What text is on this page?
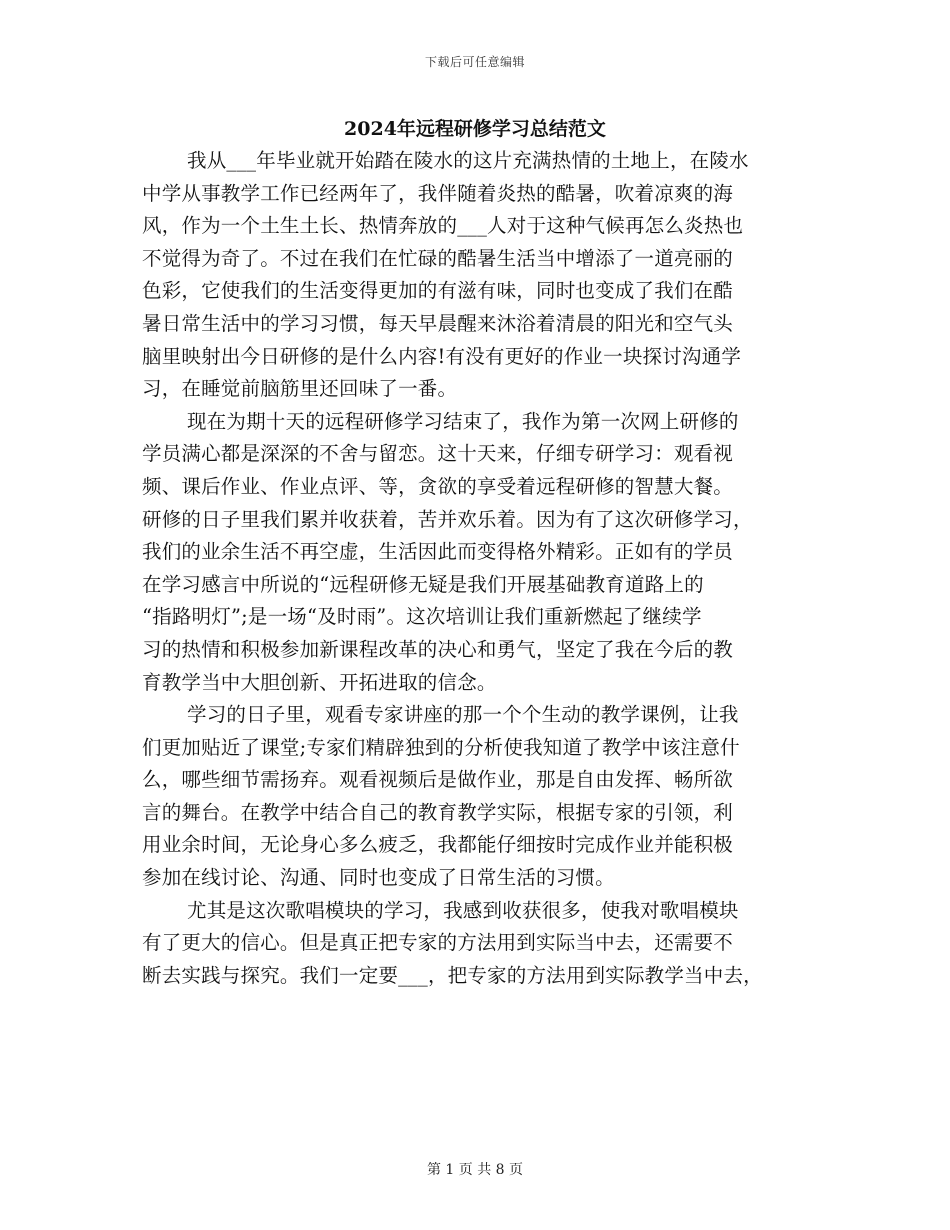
下载后可任意编辑
2024年远程研修学习总结范文
我从___年毕业就开始踏在陵水的这片充满热情的土地上，在陵水
中学从事教学工作已经两年了，我伴随着炎热的酷暑，吹着凉爽的海
风，作为一个土生土长、热情奔放的___人对于这种气候再怎么炎热也
不觉得为奇了。不过在我们在忙碌的酷暑生活当中增添了一道亮丽的
色彩，它使我们的生活变得更加的有滋有味，同时也变成了我们在酷
暑日常生活中的学习习惯，每天早晨醒来沐浴着清晨的阳光和空气头
脑里映射出今日研修的是什么内容!有没有更好的作业一块探讨沟通学
习，在睡觉前脑筋里还回味了一番。
现在为期十天的远程研修学习结束了，我作为第一次网上研修的
学员满心都是深深的不舍与留恋。这十天来，仔细专研学习：观看视
频、课后作业、作业点评、等，贪欲的享受着远程研修的智慧大餐。
研修的日子里我们累并收获着，苦并欢乐着。因为有了这次研修学习，
我们的业余生活不再空虚，生活因此而变得格外精彩。正如有的学员
在学习感言中所说的“远程研修无疑是我们开展基础教育道路上的
“指路明灯”;是一场“及时雨”。这次培训让我们重新燃起了继续学
习的热情和积极参加新课程改革的决心和勇气，坚定了我在今后的教
育教学当中大胆创新、开拓进取的信念。
学习的日子里，观看专家讲座的那一个个生动的教学课例，让我
们更加贴近了课堂;专家们精辟独到的分析使我知道了教学中该注意什
么，哪些细节需扬弃。观看视频后是做作业，那是自由发挥、畅所欲
言的舞台。在教学中结合自己的教育教学实际，根据专家的引领，利
用业余时间，无论身心多么疲乏，我都能仔细按时完成作业并能积极
参加在线讨论、沟通、同时也变成了日常生活的习惯。
尤其是这次歌唱模块的学习，我感到收获很多，使我对歌唱模块
有了更大的信心。但是真正把专家的方法用到实际当中去，还需要不
断去实践与探究。我们一定要___，把专家的方法用到实际教学当中去，
第 1 页 共 8 页
